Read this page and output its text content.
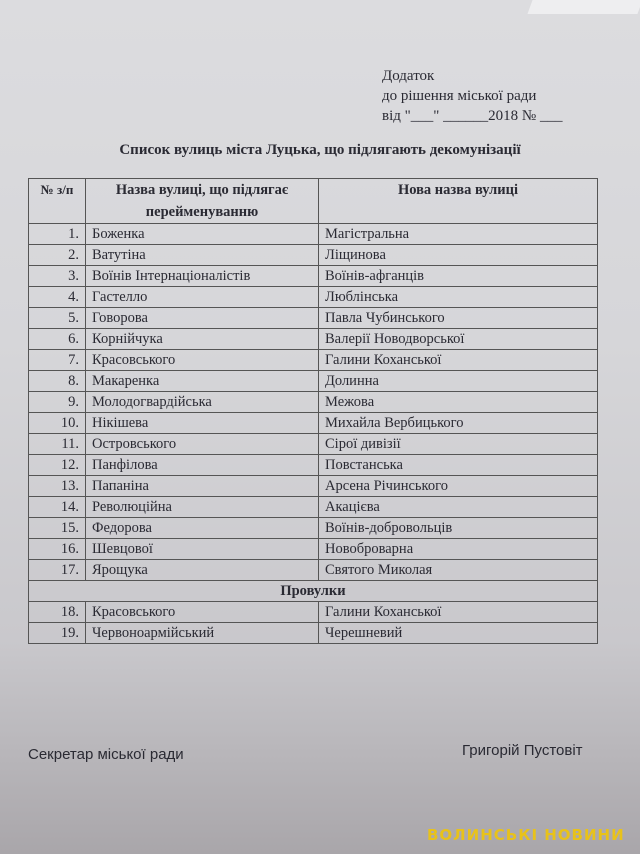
Додаток
до рішення міської ради
від "___" ______2018 № ___
Список вулиць міста Луцька, що підлягають декомунізації
№ з/п	Назва вулиці, що підлягає перейменуванню	Нова назва вулиці
1.	Боженка	Магістральна
2.	Ватутіна	Ліщинова
3.	Воїнів Інтернаціоналістів	Воїнів-афганців
4.	Гастелло	Люблінська
5.	Говорова	Павла Чубинського
6.	Корнійчука	Валерії Новодворської
7.	Красовського	Галини Коханської
8.	Макаренка	Долинна
9.	Молодогвардійська	Межова
10.	Нікішева	Михайла Вербицького
11.	Островського	Сірої дивізії
12.	Панфілова	Повстанська
13.	Папаніна	Арсена Річинського
14.	Революційна	Акацієва
15.	Федорова	Воїнів-добровольців
16.	Шевцової	Новоброварна
17.	Ярощука	Святого Миколая
Провулки		
18.	Красовського	Галини Коханської
19.	Червоноармійський	Черешневий
Секретар міської ради	Григорій Пустовіт
ВОЛИНСЬКІ НОВИНИ
